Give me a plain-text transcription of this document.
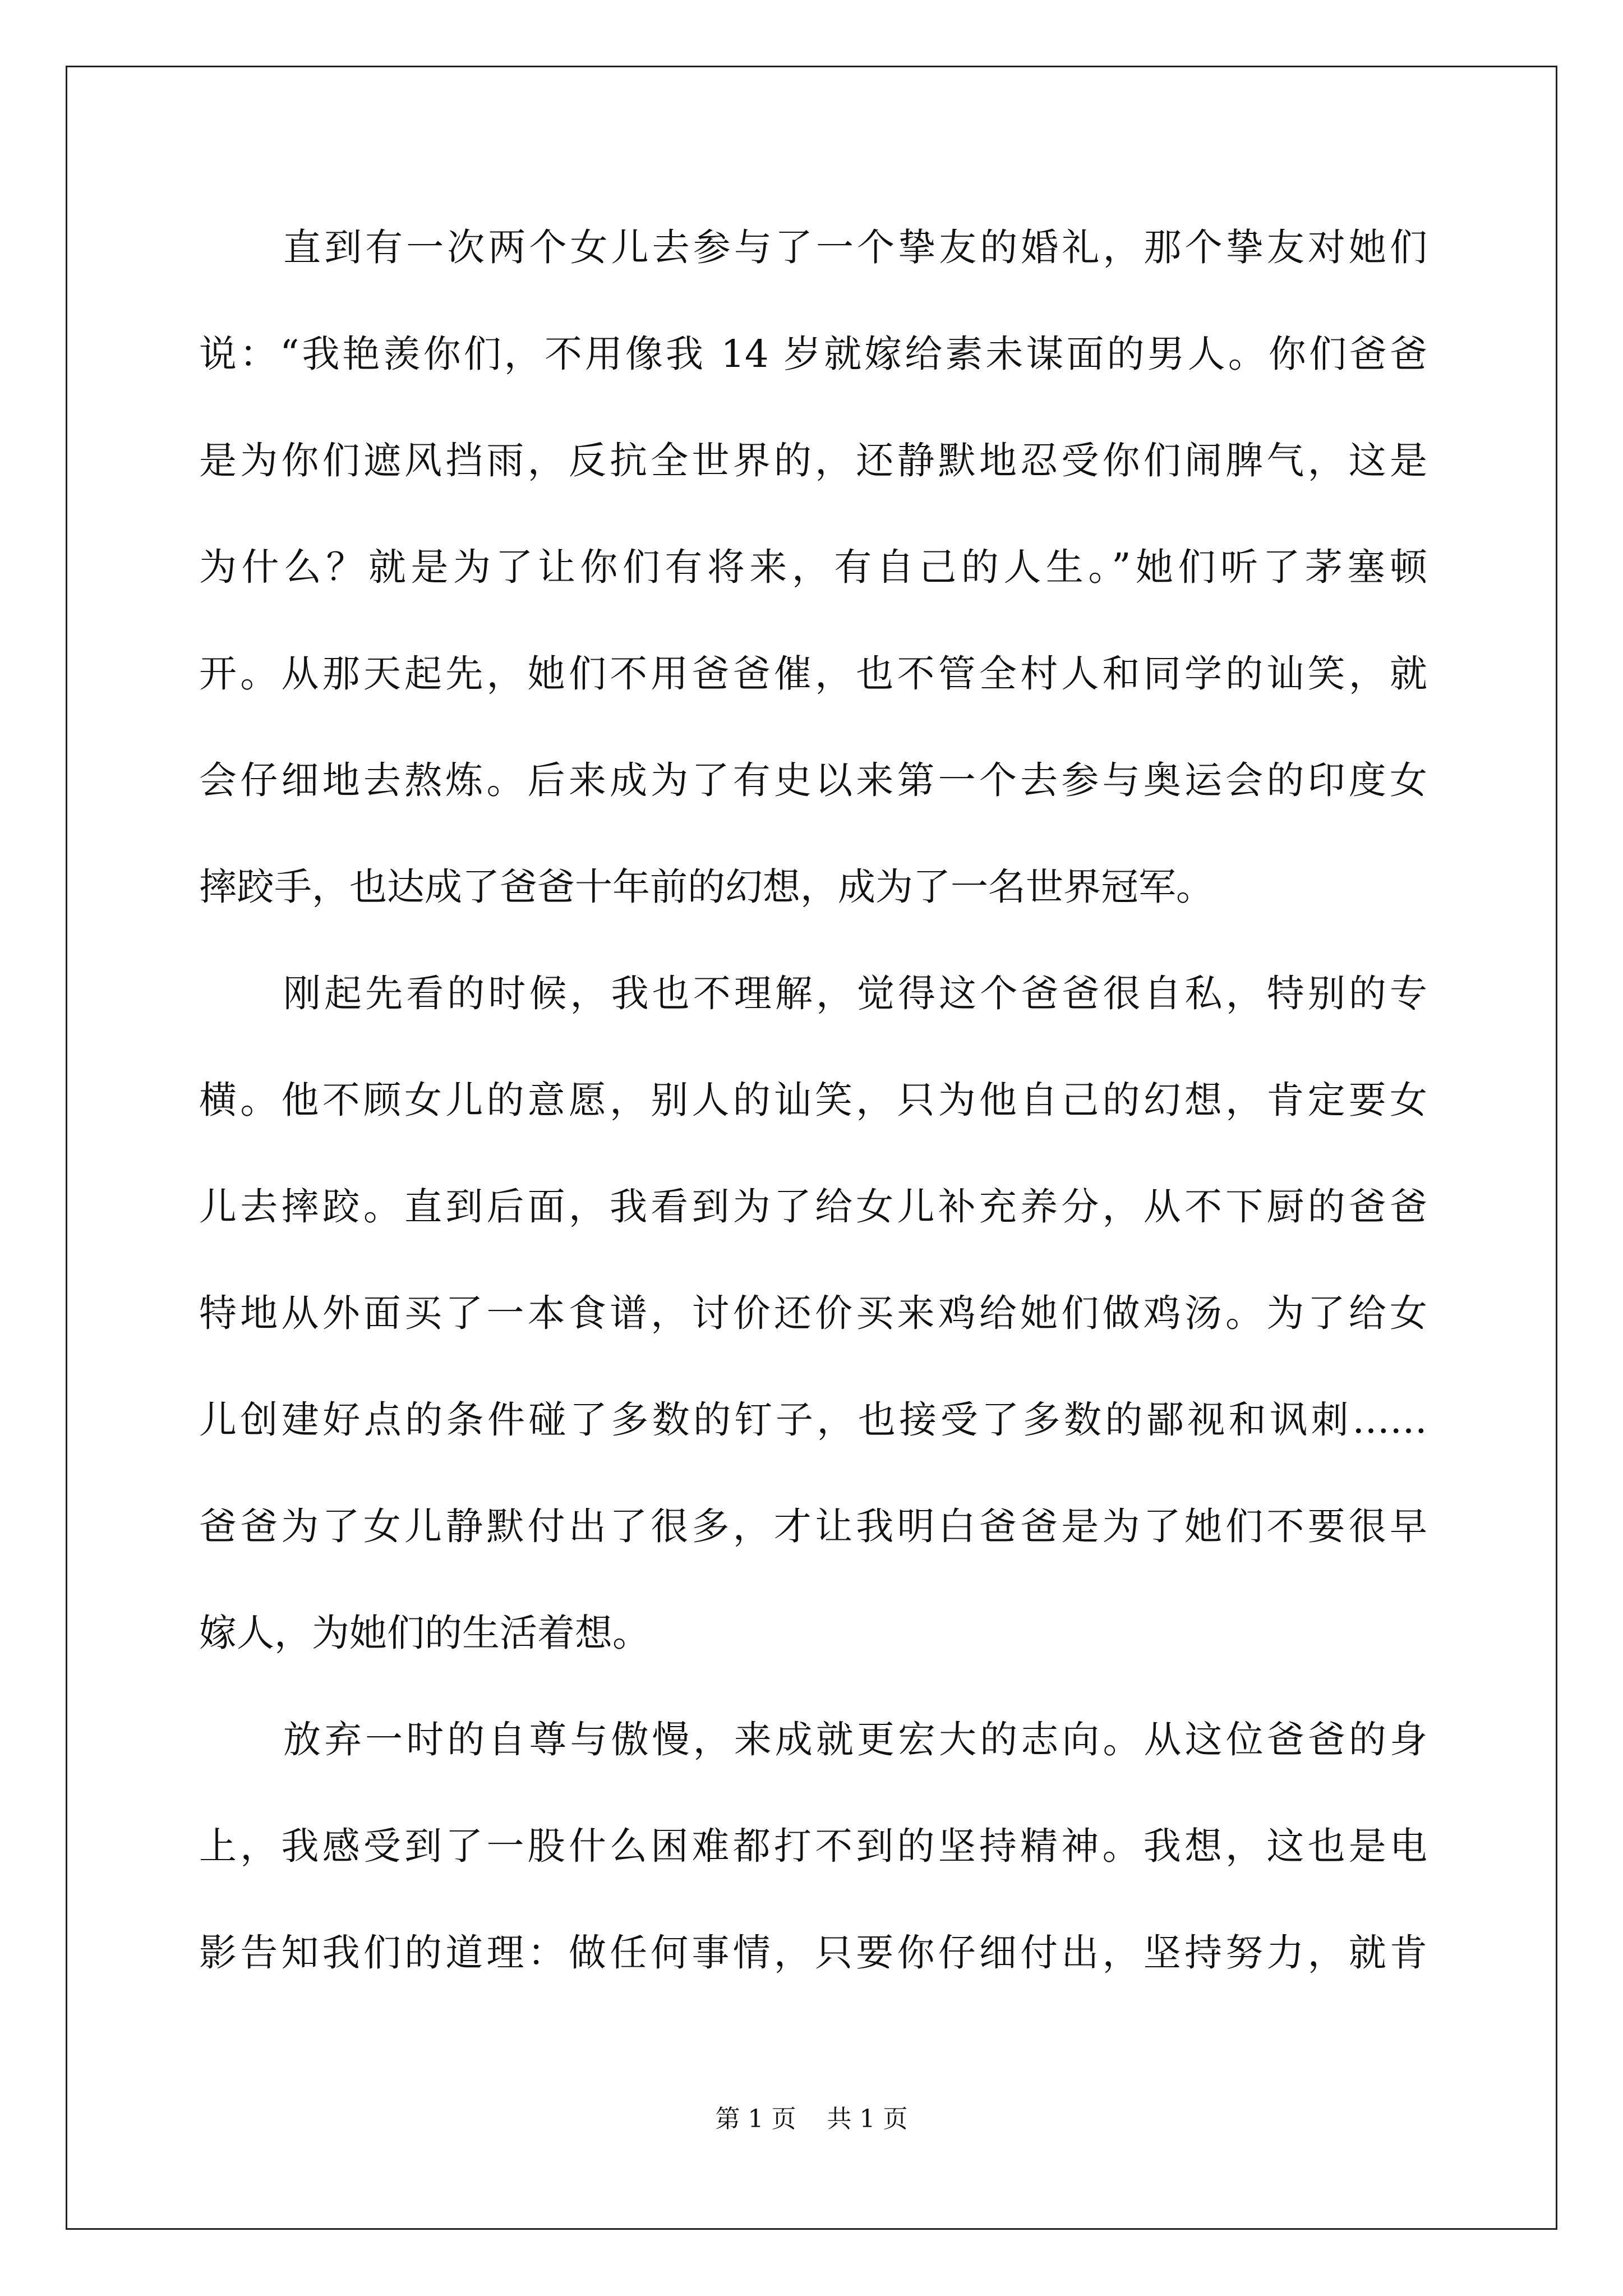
直到有一次两个女儿去参与了一个挚友的婚礼，那个挚友对她们
说：“我艳羡你们，不用像我 14 岁就嫁给素未谋面的男人。你们爸爸
是为你们遮风挡雨，反抗全世界的，还静默地忍受你们闹脾气，这是
为什么？就是为了让你们有将来，有自己的人生。”她们听了茅塞顿
开。从那天起先，她们不用爸爸催，也不管全村人和同学的讪笑，就
会仔细地去熬炼。后来成为了有史以来第一个去参与奥运会的印度女
摔跤手，也达成了爸爸十年前的幻想，成为了一名世界冠军。
刚起先看的时候，我也不理解，觉得这个爸爸很自私，特别的专
横。他不顾女儿的意愿，别人的讪笑，只为他自己的幻想，肯定要女
儿去摔跤。直到后面，我看到为了给女儿补充养分，从不下厨的爸爸
特地从外面买了一本食谱，讨价还价买来鸡给她们做鸡汤。为了给女
儿创建好点的条件碰了多数的钉子，也接受了多数的鄙视和讽刺……
爸爸为了女儿静默付出了很多，才让我明白爸爸是为了她们不要很早
嫁人，为她们的生活着想。
放弃一时的自尊与傲慢，来成就更宏大的志向。从这位爸爸的身
上，我感受到了一股什么困难都打不到的坚持精神。我想，这也是电
影告知我们的道理：做任何事情，只要你仔细付出，坚持努力，就肯
第 1 页 共 1 页
